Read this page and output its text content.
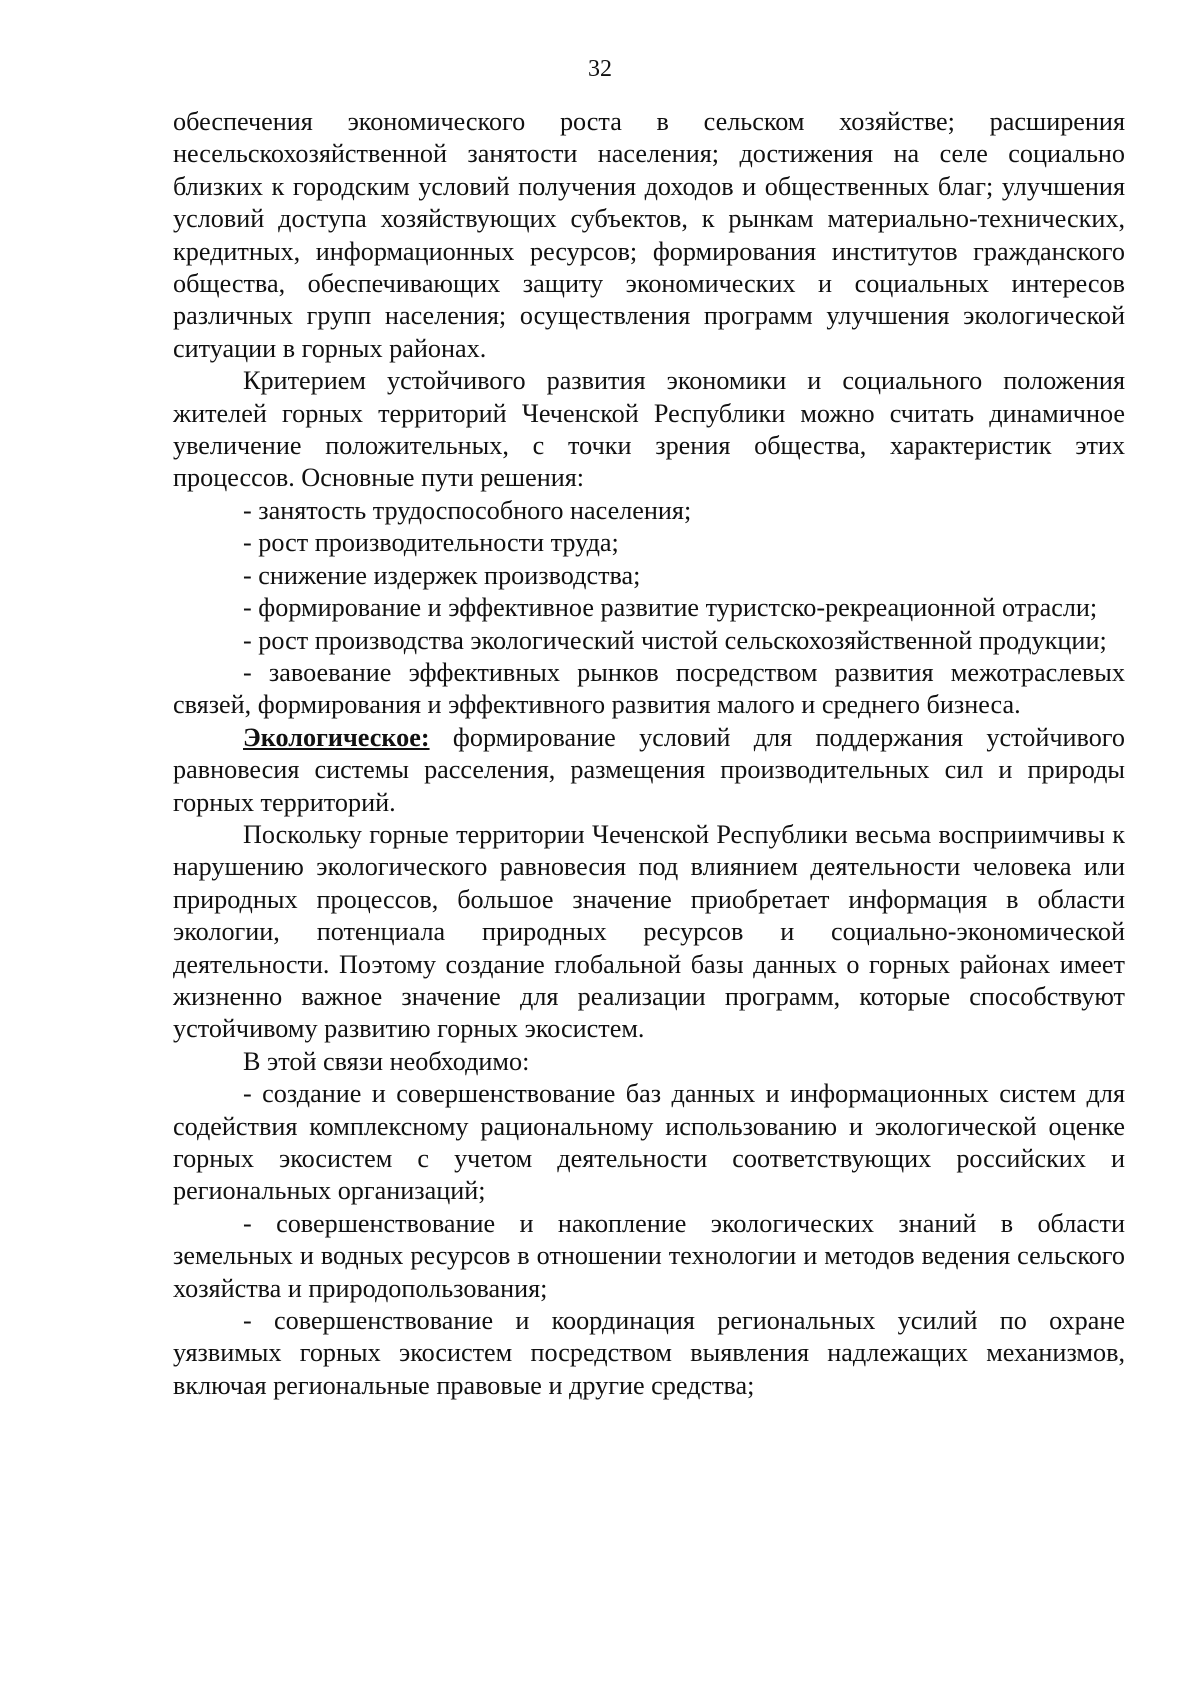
32

обеспечения экономического роста в сельском хозяйстве; расширения несельскохозяйственной занятости населения; достижения на селе социально близких к городским условий получения доходов и общественных благ; улучшения условий доступа хозяйствующих субъектов, к рынкам материально-технических, кредитных, информационных ресурсов; формирования институтов гражданского общества, обеспечивающих защиту экономических и социальных интересов различных групп населения; осуществления программ улучшения экологической ситуации в горных районах.

Критерием устойчивого развития экономики и социального положения жителей горных территорий Чеченской Республики можно считать динамичное увеличение положительных, с точки зрения общества, характеристик этих процессов. Основные пути решения:

- занятость трудоспособного населения;

- рост производительности труда;

- снижение издержек производства;

- формирование и эффективное развитие туристско-рекреационной отрасли;

- рост производства экологический чистой сельскохозяйственной продукции;

- завоевание эффективных рынков посредством развития межотраслевых связей, формирования и эффективного развития малого и среднего бизнеса.

Экологическое: формирование условий для поддержания устойчивого равновесия системы расселения, размещения производительных сил и природы горных территорий.

Поскольку горные территории Чеченской Республики весьма восприимчивы к нарушению экологического равновесия под влиянием деятельности человека или природных процессов, большое значение приобретает информация в области экологии, потенциала природных ресурсов и социально-экономической деятельности. Поэтому создание глобальной базы данных о горных районах имеет жизненно важное значение для реализации программ, которые способствуют устойчивому развитию горных экосистем.

В этой связи необходимо:

- создание и совершенствование баз данных и информационных систем для содействия комплексному рациональному использованию и экологической оценке горных экосистем с учетом деятельности соответствующих российских и региональных организаций;

- совершенствование и накопление экологических знаний в области земельных и водных ресурсов в отношении технологии и методов ведения сельского хозяйства и природопользования;

- совершенствование и координация региональных усилий по охране уязвимых горных экосистем посредством выявления надлежащих механизмов, включая региональные правовые и другие средства;
